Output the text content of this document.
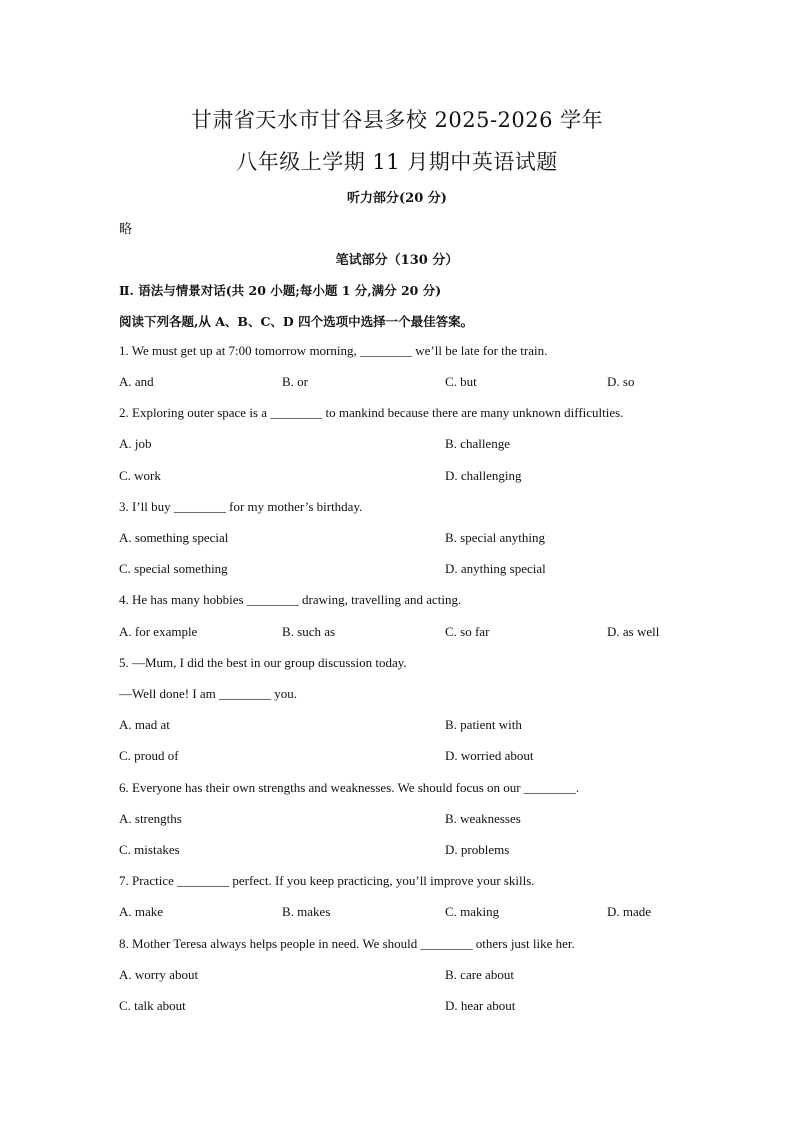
甘肃省天水市甘谷县多校 2025-2026 学年
八年级上学期 11 月期中英语试题
听力部分(20 分)
略
笔试部分（130 分）
Ⅱ. 语法与情景对话(共 20 小题;每小题 1 分,满分 20 分)
阅读下列各题,从 A、B、C、D 四个选项中选择一个最佳答案。
1. We must get up at 7:00 tomorrow morning, ________ we’ll be late for the train.
A. and	B. or	C. but	D. so
2. Exploring outer space is a ________ to mankind because there are many unknown difficulties.
A. job	B. challenge
C. work	D. challenging
3. I’ll buy ________ for my mother’s birthday.
A. something special	B. special anything
C. special something	D. anything special
4. He has many hobbies ________ drawing, travelling and acting.
A. for example	B. such as	C. so far	D. as well
5. —Mum, I did the best in our group discussion today.
—Well done! I am ________ you.
A. mad at	B. patient with
C. proud of	D. worried about
6. Everyone has their own strengths and weaknesses. We should focus on our ________.
A. strengths	B. weaknesses
C. mistakes	D. problems
7. Practice ________ perfect. If you keep practicing, you’ll improve your skills.
A. make	B. makes	C. making	D. made
8. Mother Teresa always helps people in need. We should ________ others just like her.
A. worry about	B. care about
C. talk about	D. hear about
